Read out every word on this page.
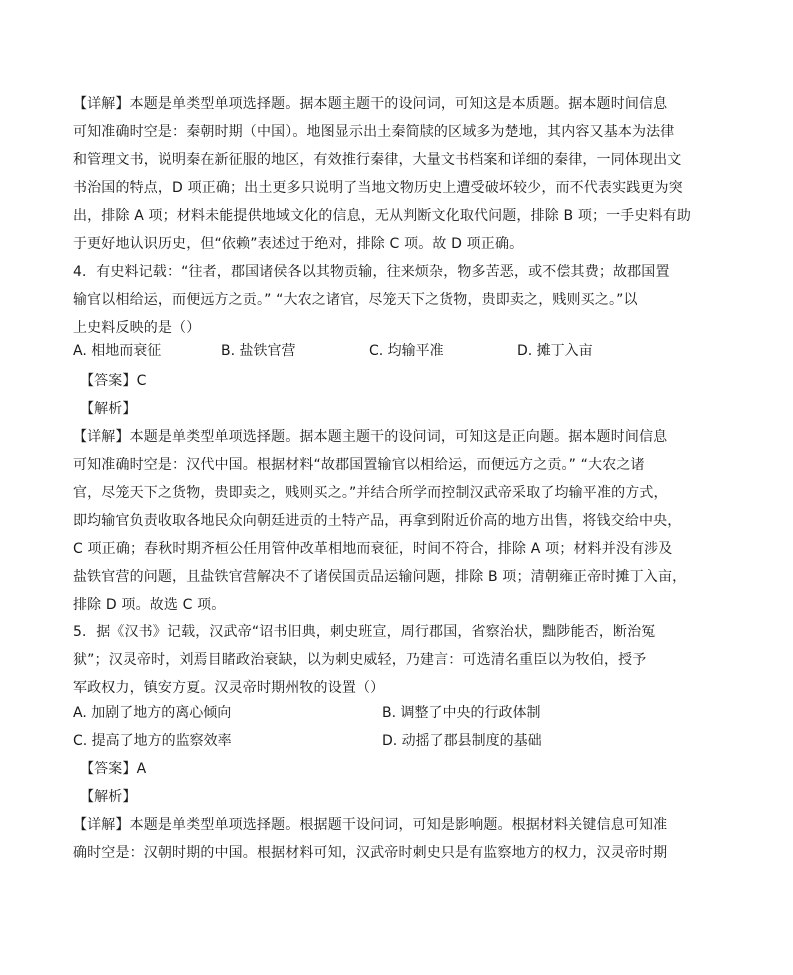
【详解】本题是单类型单项选择题。据本题主题干的设问词，可知这是本质题。据本题时间信息
可知准确时空是：秦朝时期（中国）。地图显示出土秦简牍的区域多为楚地，其内容又基本为法律
和管理文书，说明秦在新征服的地区，有效推行秦律，大量文书档案和详细的秦律，一同体现出文
书治国的特点，D 项正确；出土更多只说明了当地文物历史上遭受破坏较少，而不代表实践更为突
出，排除 A 项；材料未能提供地域文化的信息，无从判断文化取代问题，排除 B 项；一手史料有助
于更好地认识历史，但“依赖”表述过于绝对，排除 C 项。故 D 项正确。
4．有史料记载：“往者，郡国诸侯各以其物贡输，往来烦杂，物多苦恶，或不偿其费；故郡国置
输官以相给运，而便远方之贡。” “大农之诸官，尽笼天下之货物，贵即卖之，贱则买之。”以
上史料反映的是（）
A. 相地而衰征	B. 盐铁官营	C. 均输平准	D. 摊丁入亩
【答案】C
【解析】
【详解】本题是单类型单项选择题。据本题主题干的设问词，可知这是正向题。据本题时间信息
可知准确时空是：汉代中国。根据材料“故郡国置输官以相给运，而便远方之贡。” “大农之诸
官，尽笼天下之货物，贵即卖之，贱则买之。”并结合所学而控制汉武帝采取了均输平准的方式，
即均输官负责收取各地民众向朝廷进贡的土特产品，再拿到附近价高的地方出售，将钱交给中央，
C 项正确；春秋时期齐桓公任用管仲改革相地而衰征，时间不符合，排除 A 项；材料并没有涉及
盐铁官营的问题，且盐铁官营解决不了诸侯国贡品运输问题，排除 B 项；清朝雍正帝时摊丁入亩，
排除 D 项。故选 C 项。
5．据《汉书》记载，汉武帝“诏书旧典，刺史班宣，周行郡国，省察治状，黜陟能否，断治冤
狱”；汉灵帝时，刘焉目睹政治衰缺，以为刺史威轻，乃建言：可选清名重臣以为牧伯，授予
军政权力，镇安方夏。汉灵帝时期州牧的设置（）
A. 加剧了地方的离心倾向	B. 调整了中央的行政体制
C. 提高了地方的监察效率	D. 动摇了郡县制度的基础
【答案】A
【解析】
【详解】本题是单类型单项选择题。根据题干设问词，可知是影响题。根据材料关键信息可知准
确时空是：汉朝时期的中国。根据材料可知，汉武帝时刺史只是有监察地方的权力，汉灵帝时期
